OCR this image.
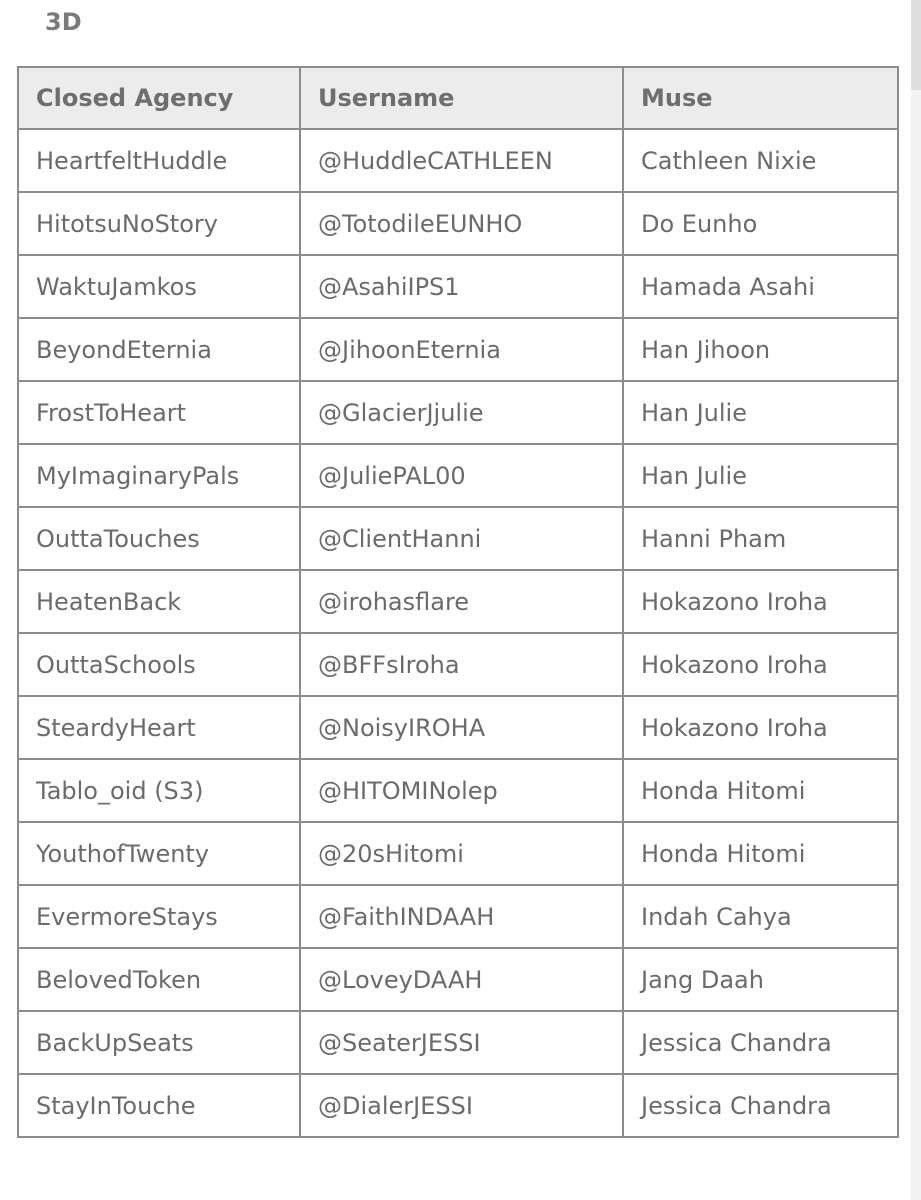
3D
Closed Agency	Username	Muse
HeartfeltHuddle	@HuddleCATHLEEN	Cathleen Nixie
HitotsuNoStory	@TotodileEUNHO	Do Eunho
WaktuJamkos	@AsahiIPS1	Hamada Asahi
BeyondEternia	@JihoonEternia	Han Jihoon
FrostToHeart	@GlacierJjulie	Han Julie
MyImaginaryPals	@JuliePAL00	Han Julie
OuttaTouches	@ClientHanni	Hanni Pham
HeatenBack	@irohasflare	Hokazono Iroha
OuttaSchools	@BFFsIroha	Hokazono Iroha
SteardyHeart	@NoisyIROHA	Hokazono Iroha
Tablo_oid (S3)	@HITOMINolep	Honda Hitomi
YouthofTwenty	@20sHitomi	Honda Hitomi
EvermoreStays	@FaithINDAAH	Indah Cahya
BelovedToken	@LoveyDAAH	Jang Daah
BackUpSeats	@SeaterJESSI	Jessica Chandra
StayInTouche	@DialerJESSI	Jessica Chandra
